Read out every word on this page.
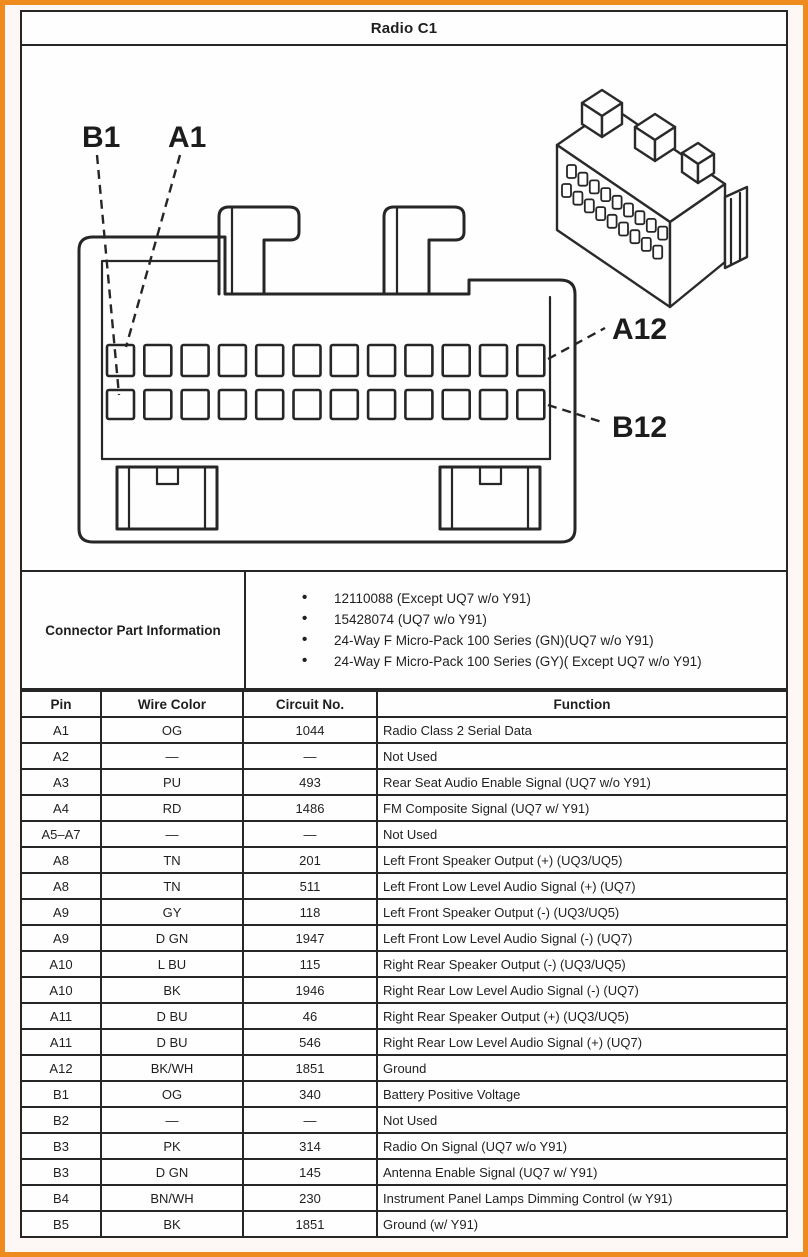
Radio C1
B1 A1
A12
B12
Connector Part Information
• 12110088 (Except UQ7 w/o Y91)
• 15428074 (UQ7 w/o Y91)
• 24-Way F Micro-Pack 100 Series (GN)(UQ7 w/o Y91)
• 24-Way F Micro-Pack 100 Series (GY)( Except UQ7 w/o Y91)
Pin	Wire Color	Circuit No.	Function
A1	OG	1044	Radio Class 2 Serial Data
A2	—	—	Not Used
A3	PU	493	Rear Seat Audio Enable Signal (UQ7 w/o Y91)
A4	RD	1486	FM Composite Signal (UQ7 w/ Y91)
A5–A7	—	—	Not Used
A8	TN	201	Left Front Speaker Output (+) (UQ3/UQ5)
A8	TN	511	Left Front Low Level Audio Signal (+) (UQ7)
A9	GY	118	Left Front Speaker Output (-) (UQ3/UQ5)
A9	D GN	1947	Left Front Low Level Audio Signal (-) (UQ7)
A10	L BU	115	Right Rear Speaker Output (-) (UQ3/UQ5)
A10	BK	1946	Right Rear Low Level Audio Signal (-) (UQ7)
A11	D BU	46	Right Rear Speaker Output (+) (UQ3/UQ5)
A11	D BU	546	Right Rear Low Level Audio Signal (+) (UQ7)
A12	BK/WH	1851	Ground
B1	OG	340	Battery Positive Voltage
B2	—	—	Not Used
B3	PK	314	Radio On Signal (UQ7 w/o Y91)
B3	D GN	145	Antenna Enable Signal (UQ7 w/ Y91)
B4	BN/WH	230	Instrument Panel Lamps Dimming Control (w Y91)
B5	BK	1851	Ground (w/ Y91)
